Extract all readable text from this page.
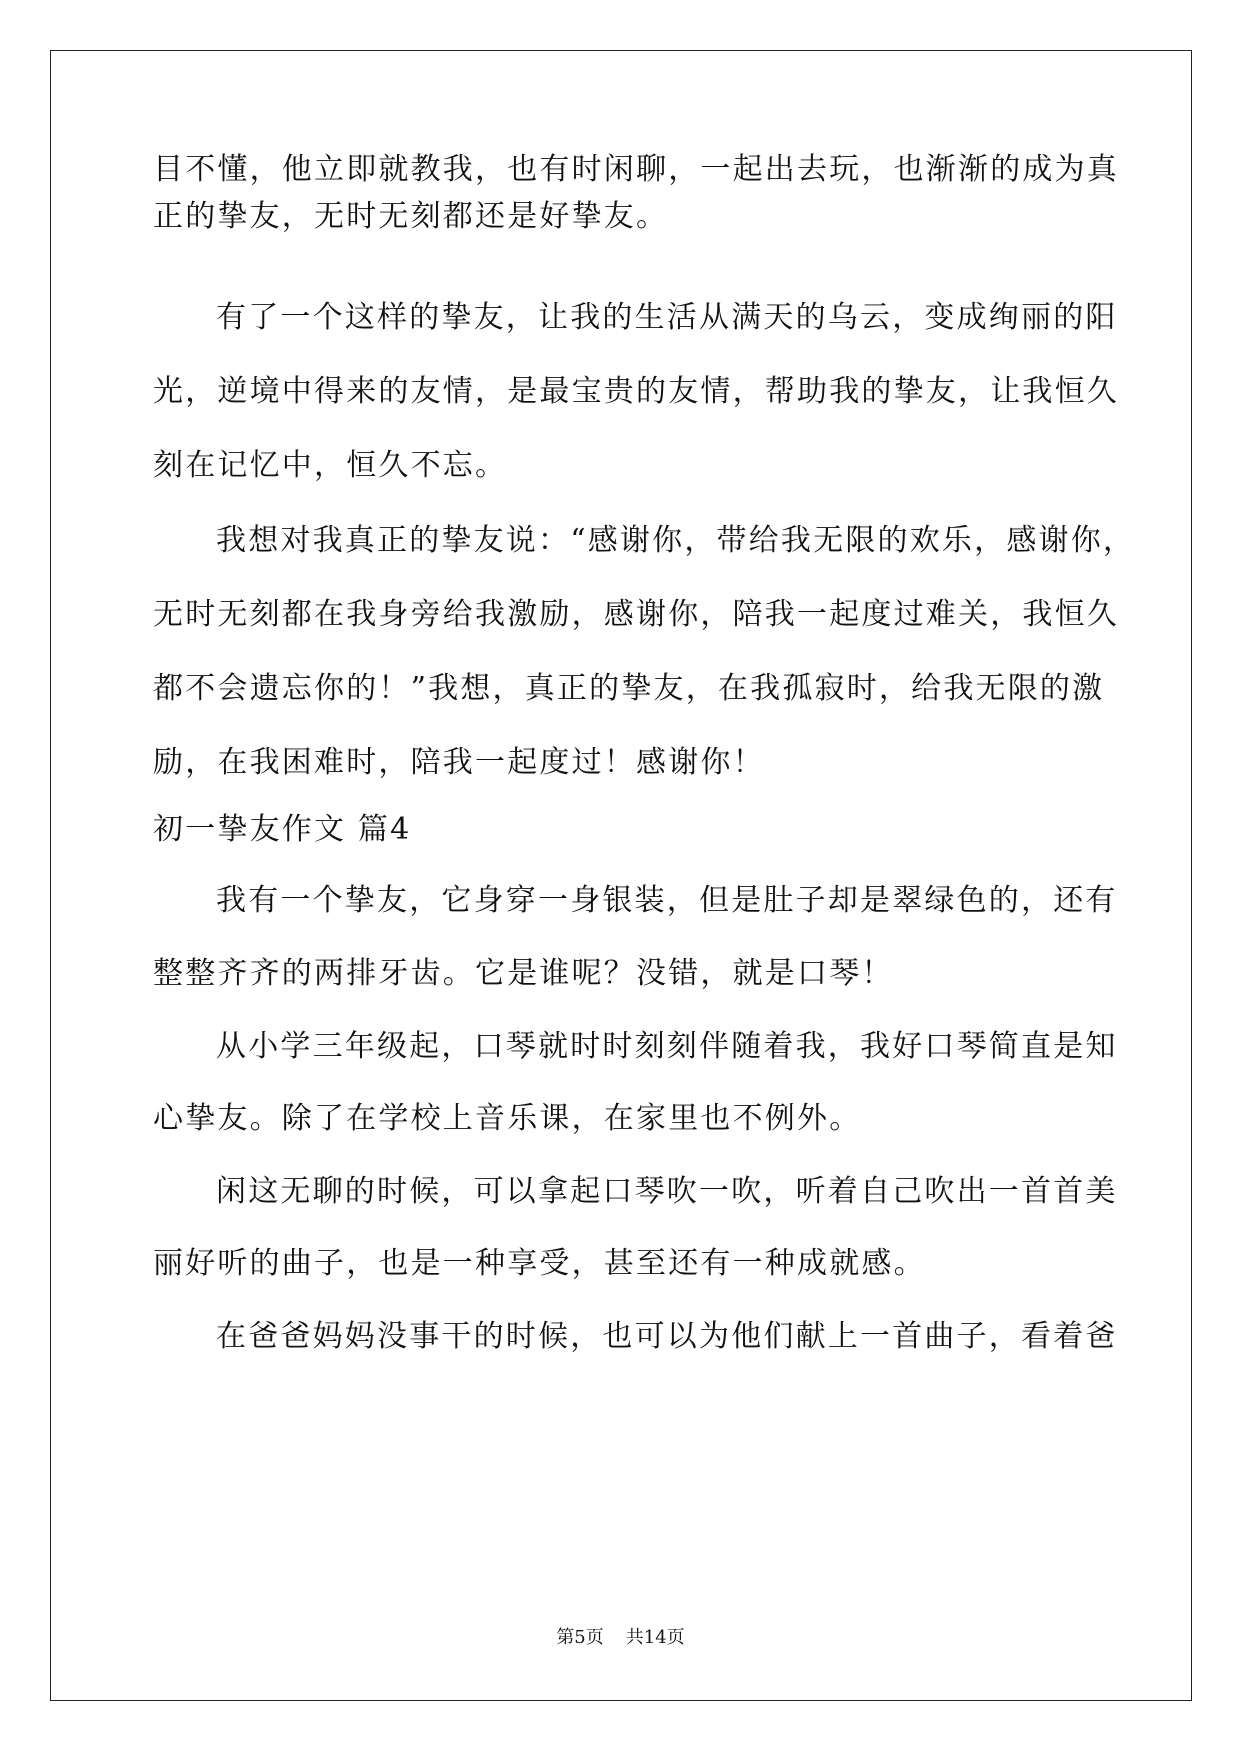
目不懂，他立即就教我，也有时闲聊，一起出去玩，也渐渐的成为真
正的挚友，无时无刻都还是好挚友。
有了一个这样的挚友，让我的生活从满天的乌云，变成绚丽的阳
光，逆境中得来的友情，是最宝贵的友情，帮助我的挚友，让我恒久
刻在记忆中，恒久不忘。
我想对我真正的挚友说：“感谢你，带给我无限的欢乐，感谢你，
无时无刻都在我身旁给我激励，感谢你，陪我一起度过难关，我恒久
都不会遗忘你的！”我想，真正的挚友，在我孤寂时，给我无限的激
励，在我困难时，陪我一起度过！感谢你！
初一挚友作文 篇4
我有一个挚友，它身穿一身银装，但是肚子却是翠绿色的，还有
整整齐齐的两排牙齿。它是谁呢？没错，就是口琴！
从小学三年级起，口琴就时时刻刻伴随着我，我好口琴简直是知
心挚友。除了在学校上音乐课，在家里也不例外。
闲这无聊的时候，可以拿起口琴吹一吹，听着自己吹出一首首美
丽好听的曲子，也是一种享受，甚至还有一种成就感。
在爸爸妈妈没事干的时候，也可以为他们献上一首曲子，看着爸
第5页 共14页
